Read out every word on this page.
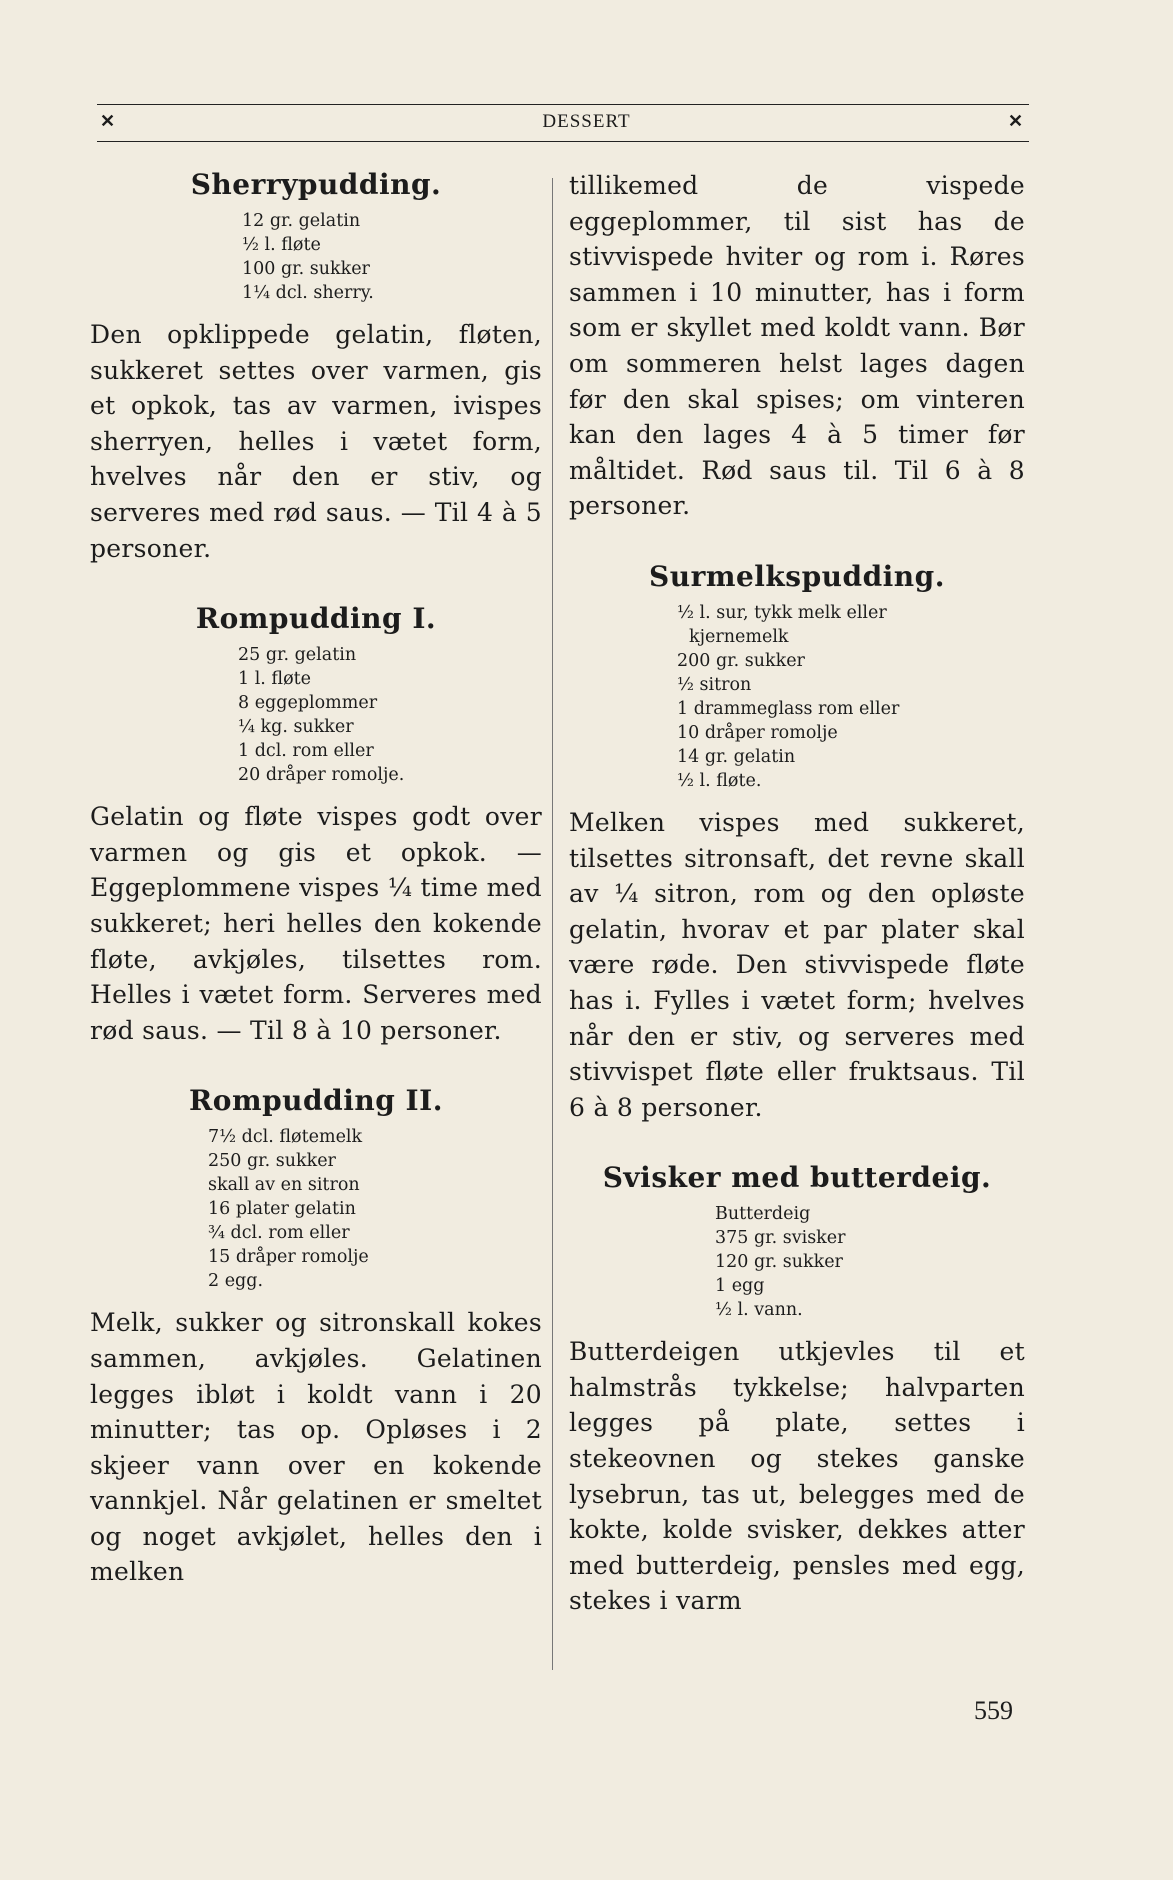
✕	DESSERT	✕
Sherrypudding.
12 gr. gelatin
½ l. fløte
100 gr. sukker
1¼ dcl. sherry.

Den opklippede gelatin, fløten, sukkeret settes over varmen, gis et opkok, tas av varmen, ivispes sherryen, helles i vætet form, hvelves når den er stiv, og serveres med rød saus. — Til 4 à 5 personer.

Rompudding I.
25 gr. gelatin
1 l. fløte
8 eggeplommer
¼ kg. sukker
1 dcl. rom eller
20 dråper romolje.

Gelatin og fløte vispes godt over varmen og gis et opkok. — Eggeplommene vispes ¼ time med sukkeret; heri helles den kokende fløte, avkjøles, tilsettes rom. Helles i vætet form. Serveres med rød saus. — Til 8 à 10 personer.

Rompudding II.
7½ dcl. fløtemelk
250 gr. sukker
skall av en sitron
16 plater gelatin
¾ dcl. rom eller
15 dråper romolje
2 egg.

Melk, sukker og sitronskall kokes sammen, avkjøles. Gelatinen legges ibløt i koldt vann i 20 minutter; tas op. Opløses i 2 skjeer vann over en kokende vannkjel. Når gelatinen er smeltet og noget avkjølet, helles den i melken

tillikemed de vispede eggeplommer, til sist has de stivvispede hviter og rom i. Røres sammen i 10 minutter, has i form som er skyllet med koldt vann. Bør om sommeren helst lages dagen før den skal spises; om vinteren kan den lages 4 à 5 timer før måltidet. Rød saus til. Til 6 à 8 personer.

Surmelkspudding.
½ l. sur, tykk melk eller
kjernemelk
200 gr. sukker
½ sitron
1 drammeglass rom eller
10 dråper romolje
14 gr. gelatin
½ l. fløte.

Melken vispes med sukkeret, tilsettes sitronsaft, det revne skall av ¼ sitron, rom og den opløste gelatin, hvorav et par plater skal være røde. Den stivvispede fløte has i. Fylles i vætet form; hvelves når den er stiv, og serveres med stivvispet fløte eller fruktsaus. Til 6 à 8 personer.

Svisker med butterdeig.
Butterdeig
375 gr. svisker
120 gr. sukker
1 egg
½ l. vann.

Butterdeigen utkjevles til et halmstrås tykkelse; halvparten legges på plate, settes i stekeovnen og stekes ganske lysebrun, tas ut, belegges med de kokte, kolde svisker, dekkes atter med butterdeig, pensles med egg, stekes i varm

559
